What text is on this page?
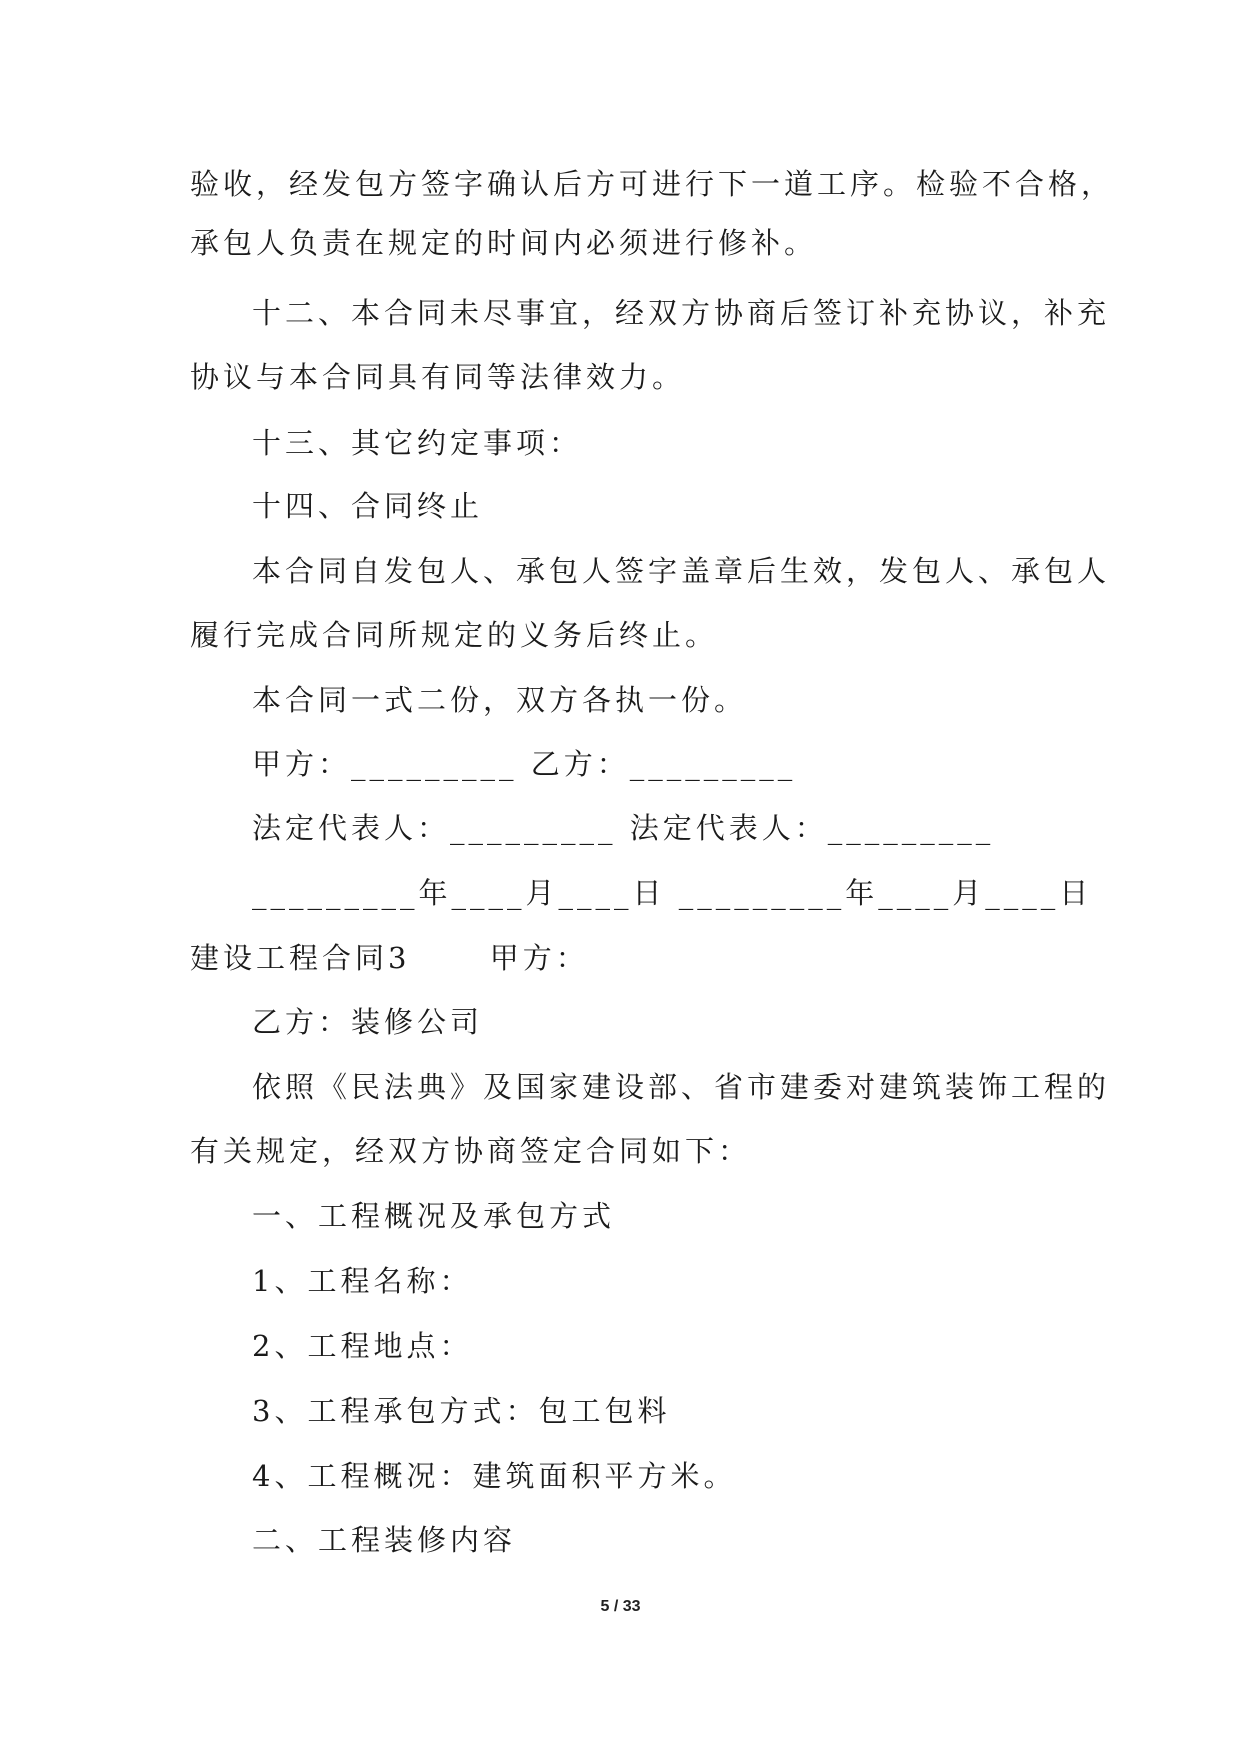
验收，经发包方签字确认后方可进行下一道工序。检验不合格，
承包人负责在规定的时间内必须进行修补。
十二、本合同未尽事宜，经双方协商后签订补充协议，补充
协议与本合同具有同等法律效力。
十三、其它约定事项：
十四、合同终止
本合同自发包人、承包人签字盖章后生效，发包人、承包人
履行完成合同所规定的义务后终止。
本合同一式二份，双方各执一份。
甲方：_________ 乙方：_________
法定代表人：_________ 法定代表人：_________
_________年____月____日 _________年____月____日
建设工程合同3      甲方：
乙方：装修公司
依照《民法典》及国家建设部、省市建委对建筑装饰工程的
有关规定，经双方协商签定合同如下：
一、工程概况及承包方式
1、工程名称：
2、工程地点：
3、工程承包方式：包工包料
4、工程概况：建筑面积平方米。
二、工程装修内容
5 / 33
